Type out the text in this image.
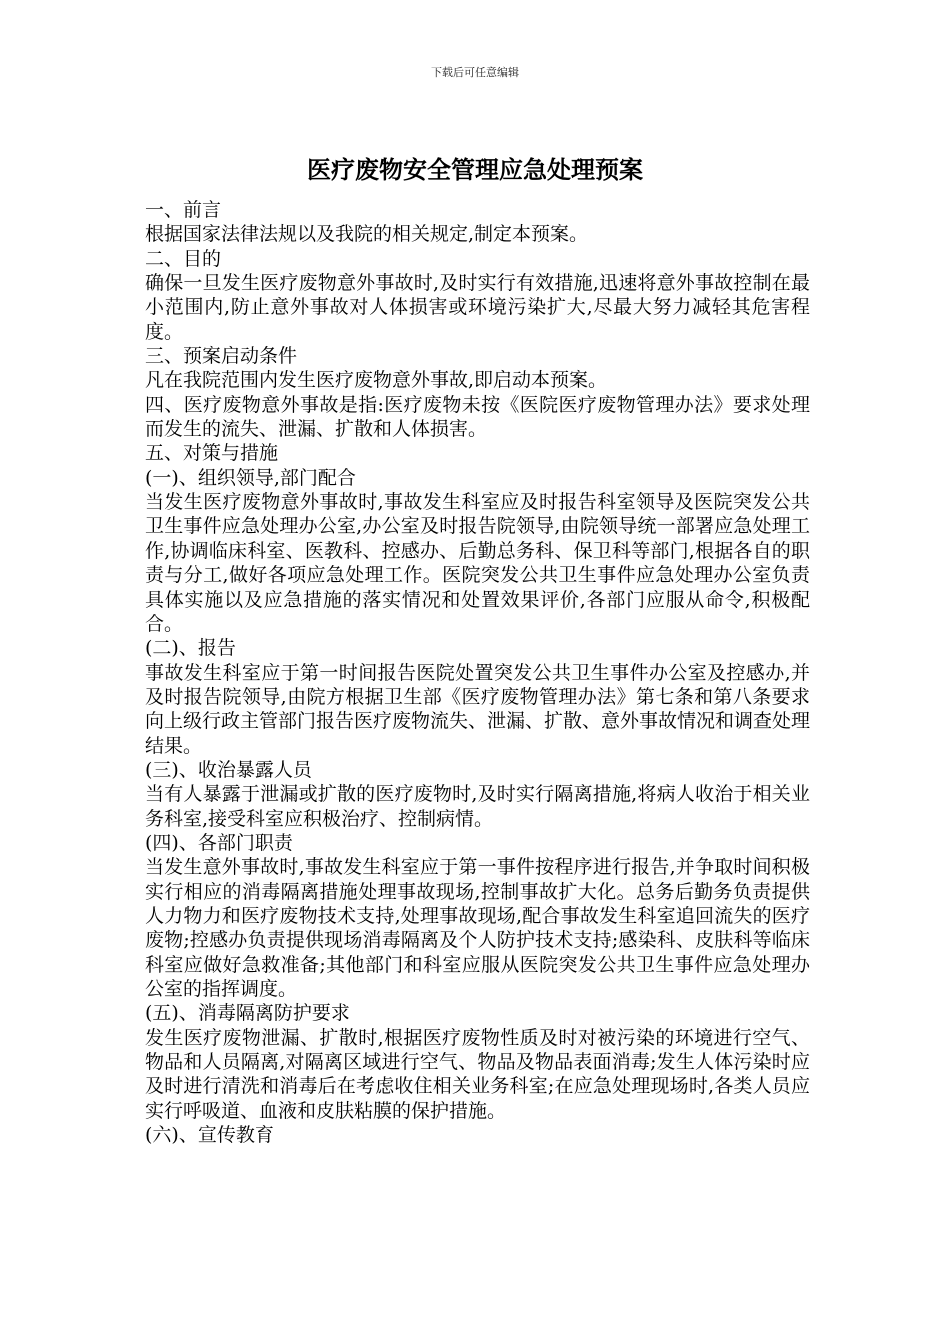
下载后可任意编辑
医疗废物安全管理应急处理预案

一、前言

根据国家法律法规以及我院的相关规定,制定本预案。

二、目的

确保一旦发生医疗废物意外事故时,及时实行有效措施,迅速将意外事故控制在最小范围内,防止意外事故对人体损害或环境污染扩大,尽最大努力减轻其危害程度。

三、预案启动条件

凡在我院范围内发生医疗废物意外事故,即启动本预案。

四、医疗废物意外事故是指:医疗废物未按《医院医疗废物管理办法》要求处理而发生的流失、泄漏、扩散和人体损害。

五、对策与措施

(一)、组织领导,部门配合

当发生医疗废物意外事故时,事故发生科室应及时报告科室领导及医院突发公共卫生事件应急处理办公室,办公室及时报告院领导,由院领导统一部署应急处理工作,协调临床科室、医教科、控感办、后勤总务科、保卫科等部门,根据各自的职责与分工,做好各项应急处理工作。医院突发公共卫生事件应急处理办公室负责具体实施以及应急措施的落实情况和处置效果评价,各部门应服从命令,积极配合。

(二)、报告

事故发生科室应于第一时间报告医院处置突发公共卫生事件办公室及控感办,并及时报告院领导,由院方根据卫生部《医疗废物管理办法》第七条和第八条要求向上级行政主管部门报告医疗废物流失、泄漏、扩散、意外事故情况和调查处理结果。

(三)、收治暴露人员

当有人暴露于泄漏或扩散的医疗废物时,及时实行隔离措施,将病人收治于相关业务科室,接受科室应积极治疗、控制病情。

(四)、各部门职责

当发生意外事故时,事故发生科室应于第一事件按程序进行报告,并争取时间积极实行相应的消毒隔离措施处理事故现场,控制事故扩大化。总务后勤务负责提供人力物力和医疗废物技术支持,处理事故现场,配合事故发生科室追回流失的医疗废物;控感办负责提供现场消毒隔离及个人防护技术支持;感染科、皮肤科等临床科室应做好急救准备;其他部门和科室应服从医院突发公共卫生事件应急处理办公室的指挥调度。

(五)、消毒隔离防护要求

发生医疗废物泄漏、扩散时,根据医疗废物性质及时对被污染的环境进行空气、物品和人员隔离,对隔离区域进行空气、物品及物品表面消毒;发生人体污染时应及时进行清洗和消毒后在考虑收住相关业务科室;在应急处理现场时,各类人员应实行呼吸道、血液和皮肤粘膜的保护措施。

(六)、宣传教育
